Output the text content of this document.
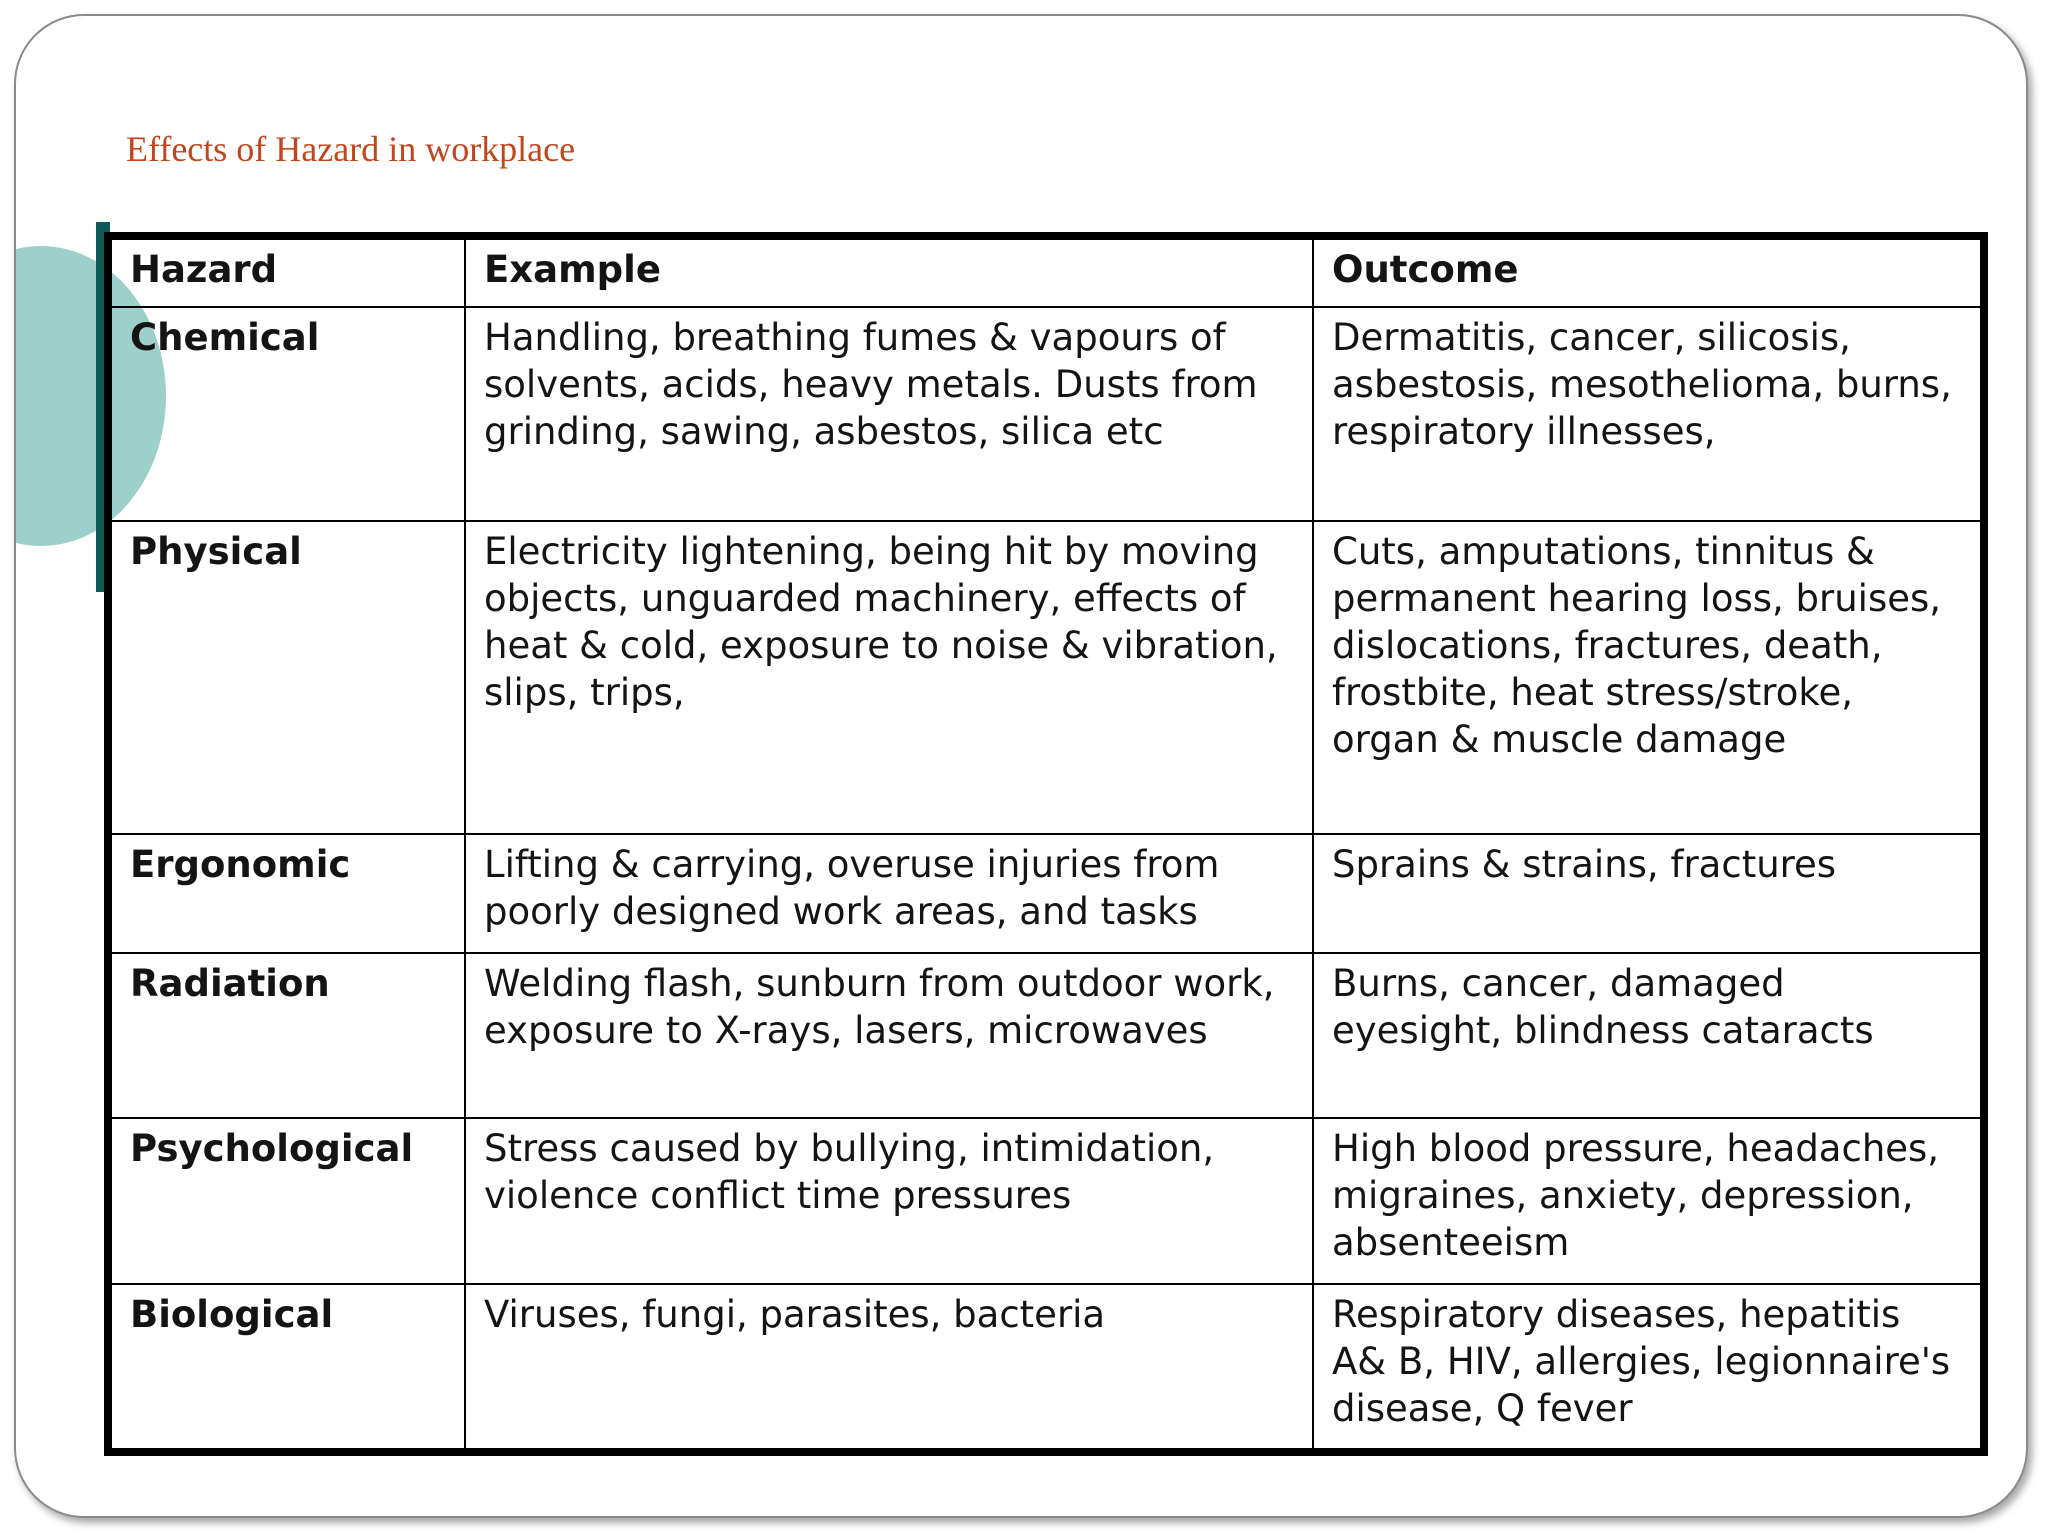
Effects of Hazard in workplace
Hazard	Example	Outcome
Chemical	Handling, breathing fumes & vapours of solvents, acids, heavy metals. Dusts from grinding, sawing, asbestos, silica etc	Dermatitis, cancer, silicosis, asbestosis, mesothelioma, burns, respiratory illnesses,
Physical	Electricity lightening, being hit by moving objects, unguarded machinery, effects of heat & cold, exposure to noise & vibration, slips, trips,	Cuts, amputations, tinnitus & permanent hearing loss, bruises, dislocations, fractures, death, frostbite, heat stress/stroke, organ & muscle damage
Ergonomic	Lifting & carrying, overuse injuries from poorly designed work areas, and tasks	Sprains & strains, fractures
Radiation	Welding flash, sunburn from outdoor work, exposure to X-rays, lasers, microwaves	Burns, cancer, damaged eyesight, blindness cataracts
Psychological	Stress caused by bullying, intimidation, violence conflict time pressures	High blood pressure, headaches, migraines, anxiety, depression, absenteeism
Biological	Viruses, fungi, parasites, bacteria	Respiratory diseases, hepatitis A& B, HIV, allergies, legionnaire's disease, Q fever
